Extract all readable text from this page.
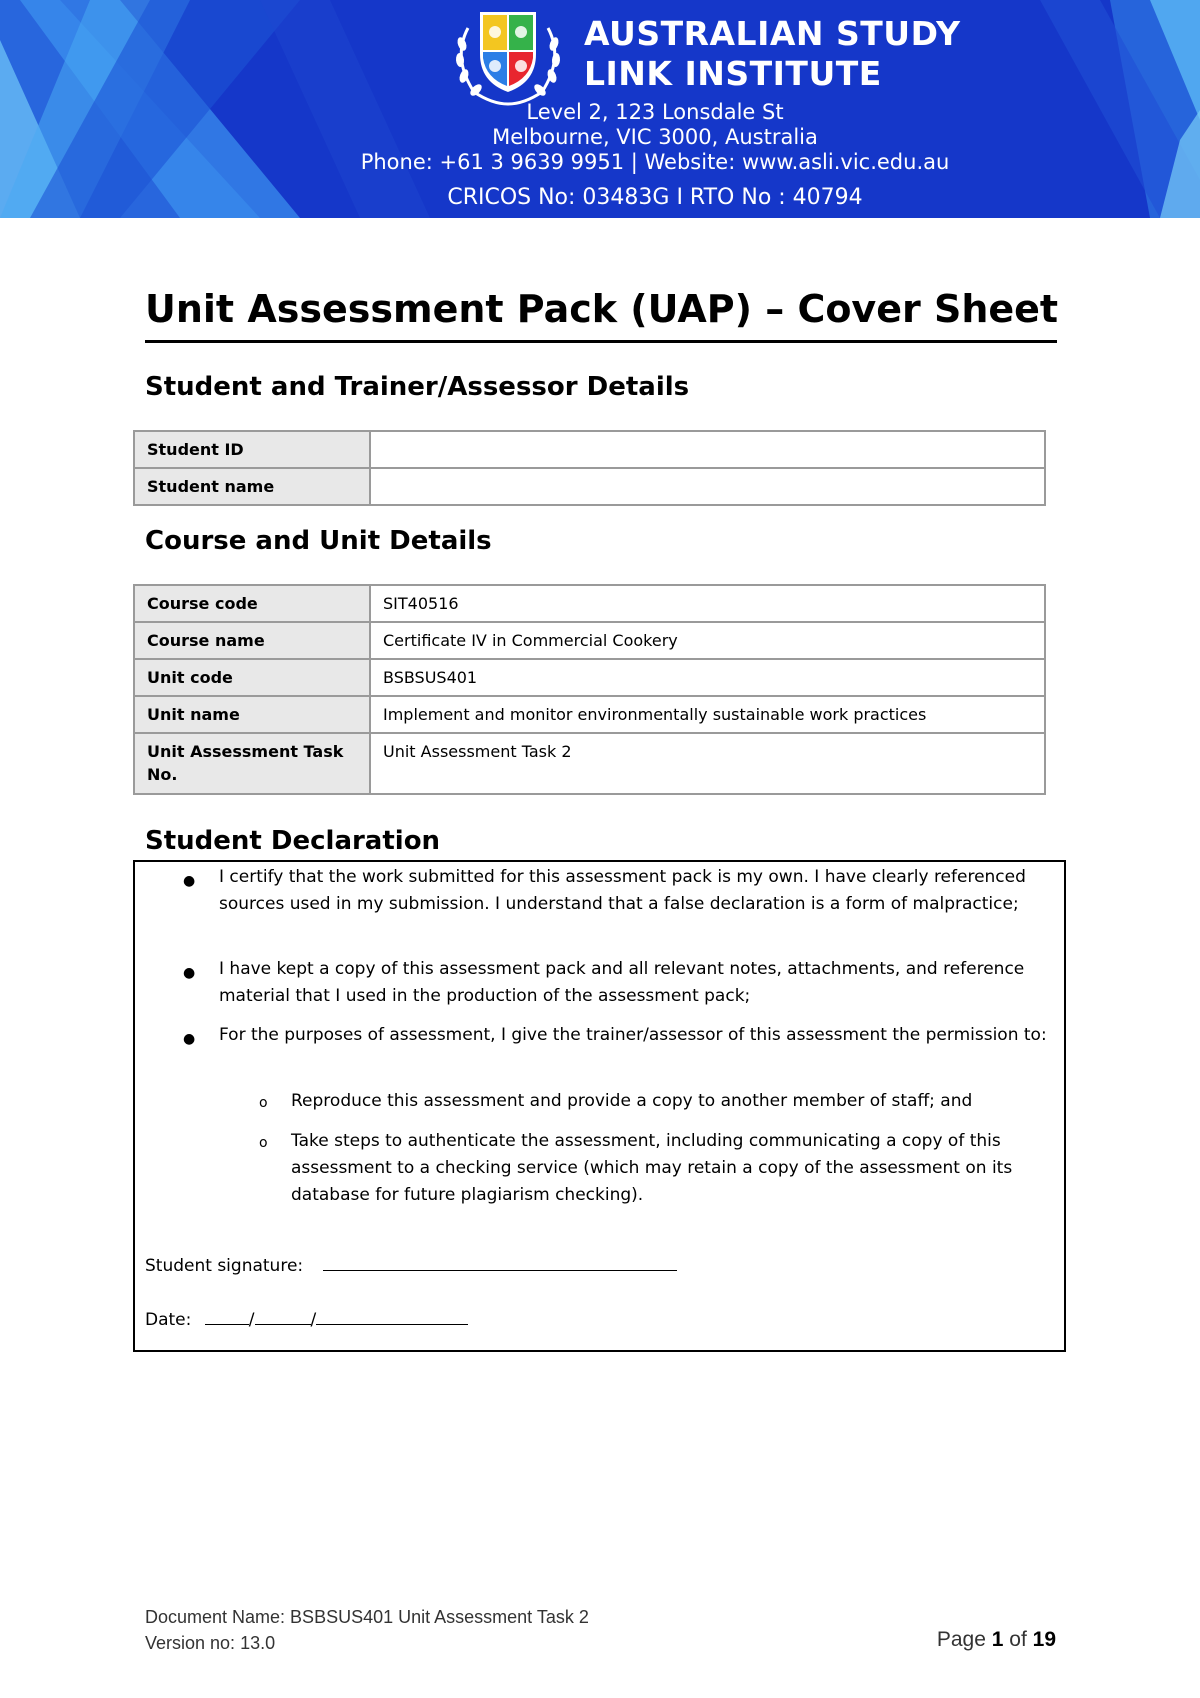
AUSTRALIAN STUDY
LINK INSTITUTE
Level 2, 123 Lonsdale St
Melbourne, VIC 3000, Australia
Phone: +61 3 9639 9951 | Website: www.asli.vic.edu.au
CRICOS No: 03483G I RTO No : 40794
Unit Assessment Pack (UAP) – Cover Sheet
Student and Trainer/Assessor Details
Student ID	
Student name	
Course and Unit Details
Course code	SIT40516
Course name	Certificate IV in Commercial Cookery
Unit code	BSBSUS401
Unit name	Implement and monitor environmentally sustainable work practices
Unit Assessment Task No.	Unit Assessment Task 2
Student Declaration
● I certify that the work submitted for this assessment pack is my own. I have clearly referenced sources used in my submission. I understand that a false declaration is a form of malpractice;
● I have kept a copy of this assessment pack and all relevant notes, attachments, and reference material that I used in the production of the assessment pack;
● For the purposes of assessment, I give the trainer/assessor of this assessment the permission to:
o Reproduce this assessment and provide a copy to another member of staff; and
o Take steps to authenticate the assessment, including communicating a copy of this assessment to a checking service (which may retain a copy of the assessment on its database for future plagiarism checking).
Student signature:
Date:	/	/
Document Name: BSBSUS401 Unit Assessment Task 2
Version no: 13.0	Page 1 of 19
